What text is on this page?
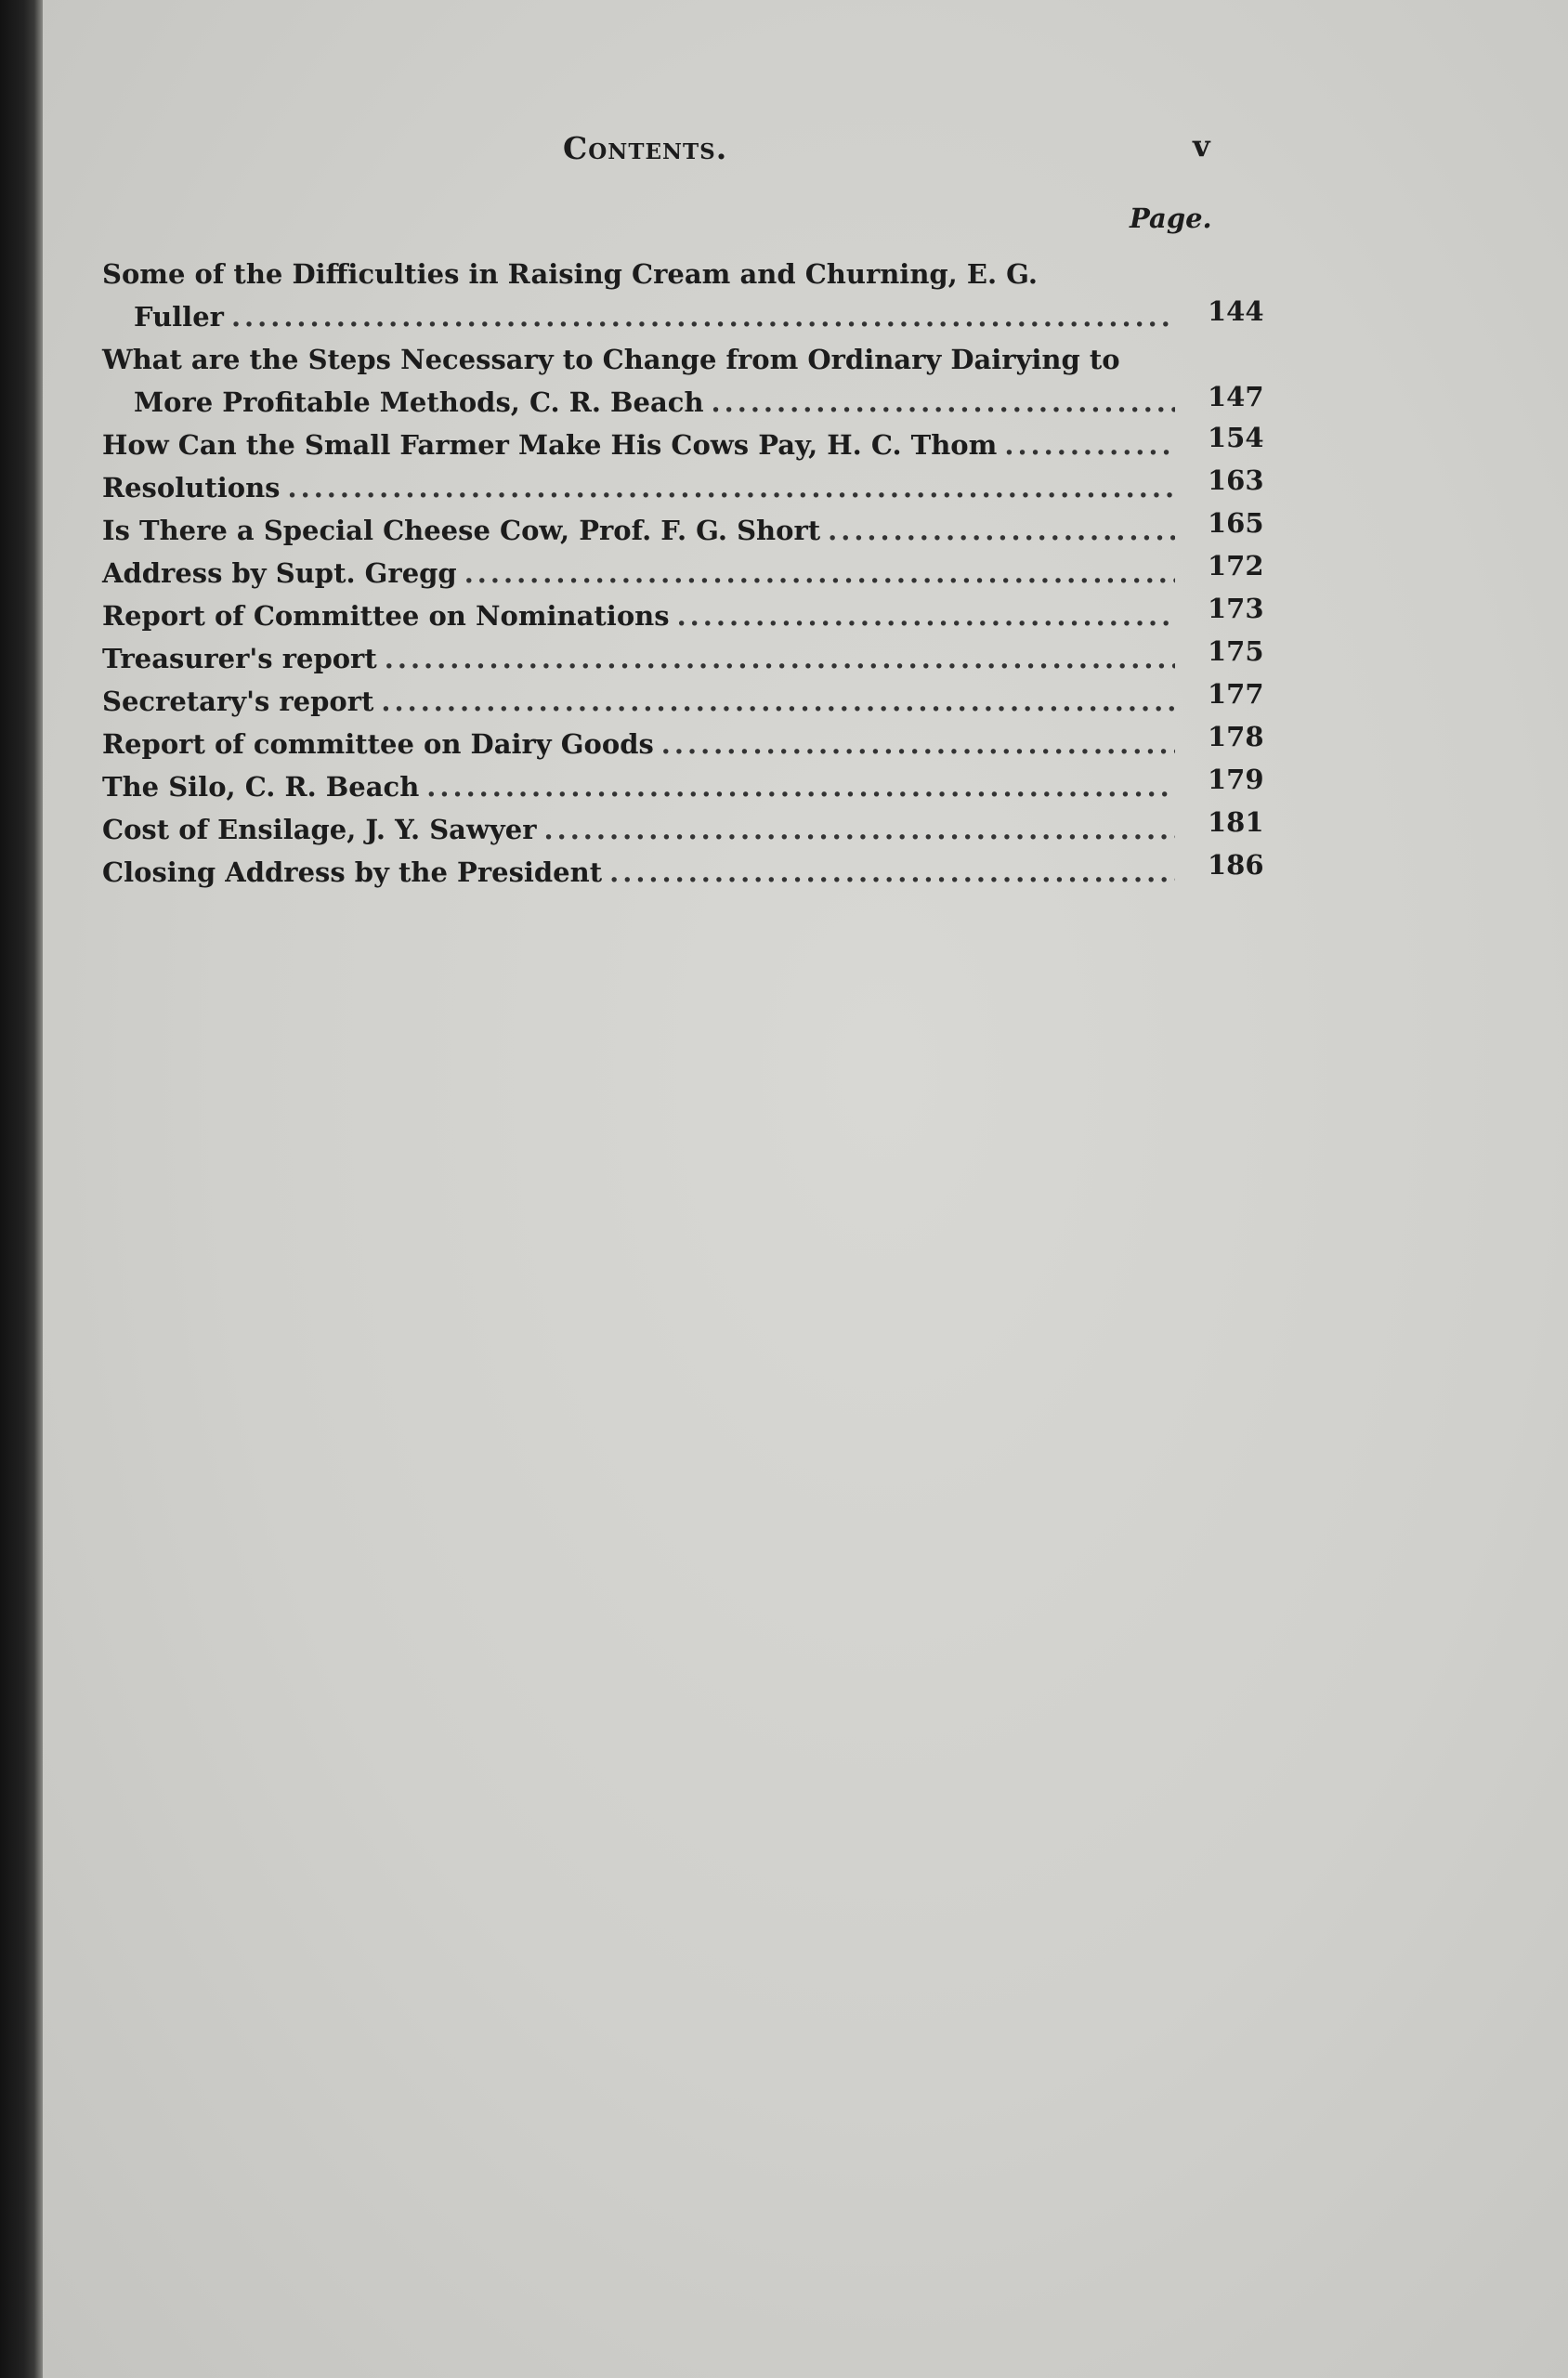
Contents.	v
Page.
Some of the Difficulties in Raising Cream and Churning, E. G.
Fuller .....	144
What are the Steps Necessary to Change from Ordinary Dairying to
More Profitable Methods, C. R. Beach .....	147
How Can the Small Farmer Make His Cows Pay, H. C. Thom .....	154
Resolutions .....	163
Is There a Special Cheese Cow, Prof. F. G. Short .....	165
Address by Supt. Gregg .....	172
Report of Committee on Nominations .....	173
Treasurer's report .....	175
Secretary's report .....	177
Report of committee on Dairy Goods .....	178
The Silo, C. R. Beach .....	179
Cost of Ensilage, J. Y. Sawyer .....	181
Closing Address by the President .....	186
